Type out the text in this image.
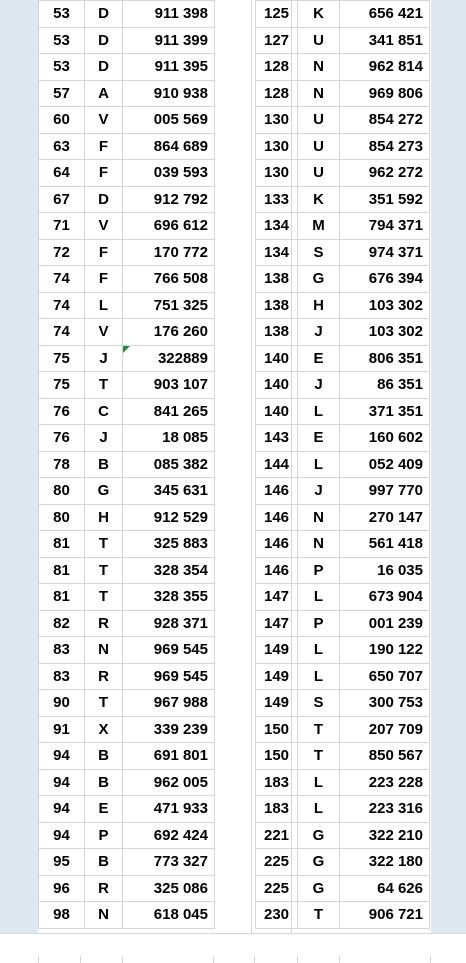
53	D	911 398
53	D	911 399
53	D	911 395
57	A	910 938
60	V	005 569
63	F	864 689
64	F	039 593
67	D	912 792
71	V	696 612
72	F	170 772
74	F	766 508
74	L	751 325
74	V	176 260
75	J	322889
75	T	903 107
76	C	841 265
76	J	18 085
78	B	085 382
80	G	345 631
80	H	912 529
81	T	325 883
81	T	328 354
81	T	328 355
82	R	928 371
83	N	969 545
83	R	969 545
90	T	967 988
91	X	339 239
94	B	691 801
94	B	962 005
94	E	471 933
94	P	692 424
95	B	773 327
96	R	325 086
98	N	618 045
125	K	656 421
127	U	341 851
128	N	962 814
128	N	969 806
130	U	854 272
130	U	854 273
130	U	962 272
133	K	351 592
134	M	794 371
134	S	974 371
138	G	676 394
138	H	103 302
138	J	103 302
140	E	806 351
140	J	86 351
140	L	371 351
143	E	160 602
144	L	052 409
146	J	997 770
146	N	270 147
146	N	561 418
146	P	16 035
147	L	673 904
147	P	001 239
149	L	190 122
149	L	650 707
149	S	300 753
150	T	207 709
150	T	850 567
183	L	223 228
183	L	223 316
221	G	322 210
225	G	322 180
225	G	64 626
230	T	906 721
